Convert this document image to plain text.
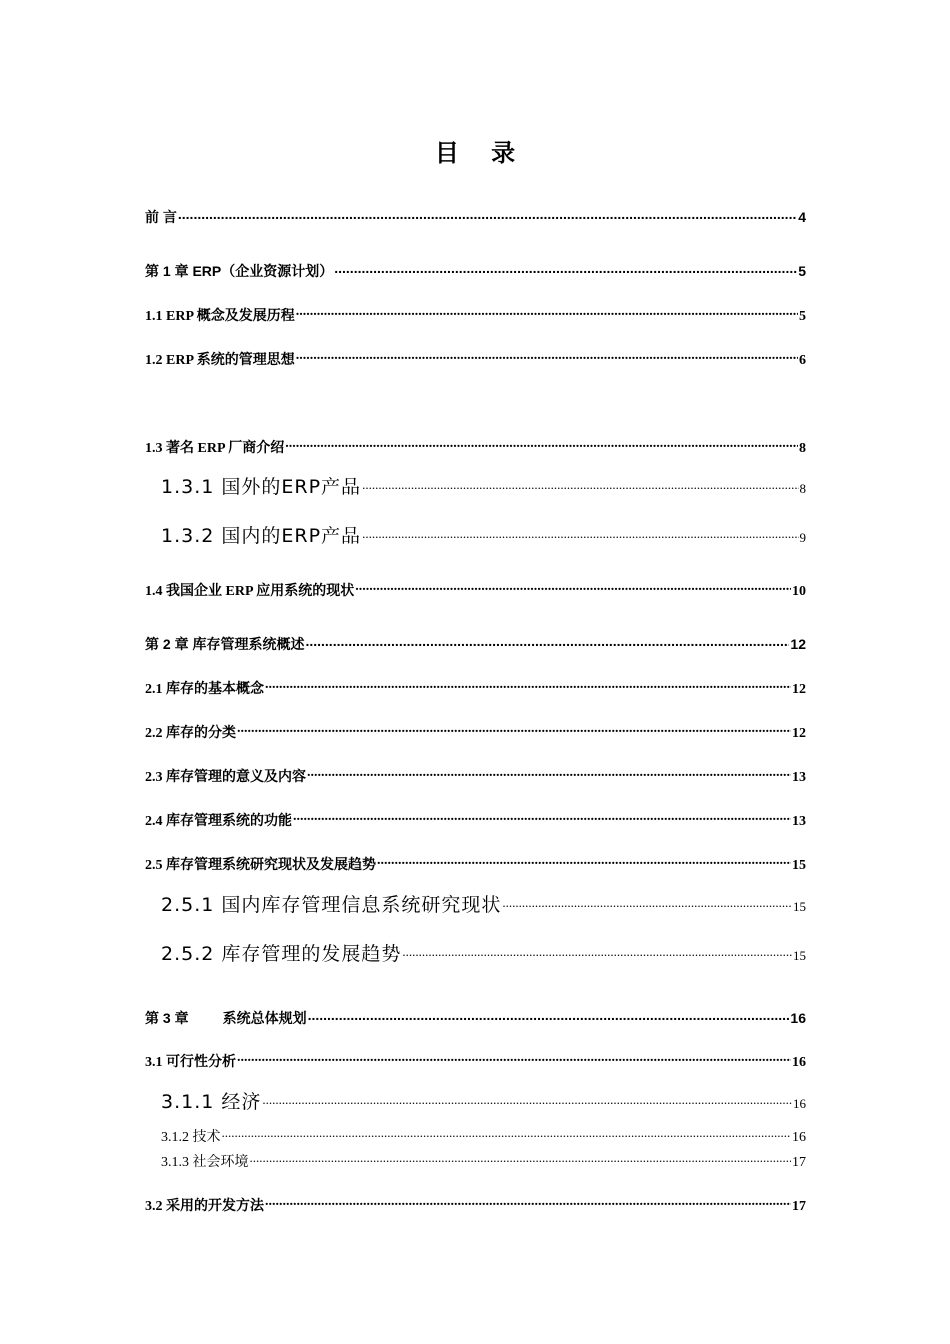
目 录
前 言 .....	4
第 1 章 ERP（企业资源计划） .....	5
1.1 ERP 概念及发展历程 .....	5
1.2 ERP 系统的管理思想 .....	6
1.3 著名 ERP 厂商介绍 .....	8
1.3.1 国外的ERP产品 .....	8
1.3.2 国内的ERP产品 .....	9
1.4 我国企业 ERP 应用系统的现状 .....	10
第 2 章 库存管理系统概述 .....	12
2.1 库存的基本概念 .....	12
2.2 库存的分类 .....	12
2.3 库存管理的意义及内容 .....	13
2.4 库存管理系统的功能 .....	13
2.5 库存管理系统研究现状及发展趋势 .....	15
2.5.1 国内库存管理信息系统研究现状 .....	15
2.5.2 库存管理的发展趋势 .....	15
第 3 章 系统总体规划 .....	16
3.1 可行性分析 .....	16
3.1.1 经济 .....	16
3.1.2 技术 .....	16
3.1.3 社会环境 .....	17
3.2 采用的开发方法 .....	17
